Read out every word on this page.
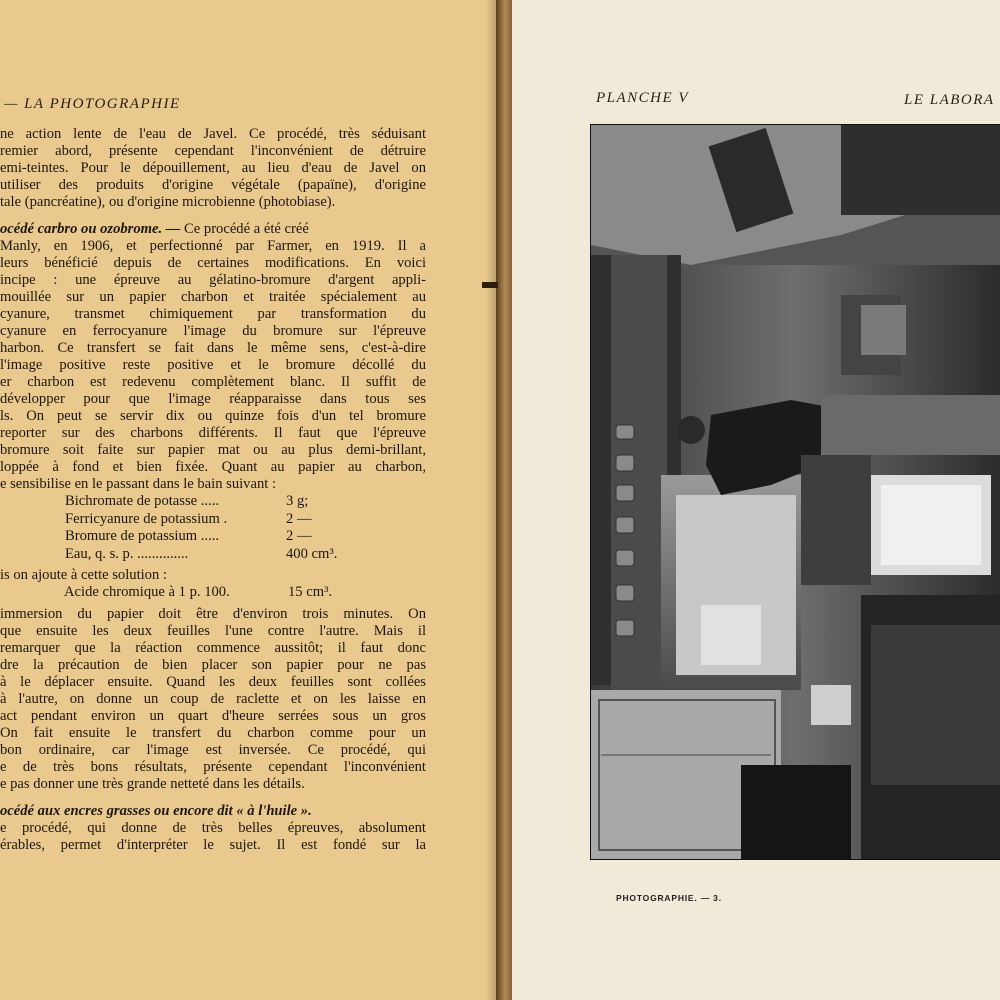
— LA PHOTOGRAPHIE
ne action lente de l'eau de Javel. Ce procédé, très séduisant
remier abord, présente cependant l'inconvénient de détruire
emi-teintes. Pour le dépouillement, au lieu d'eau de Javel on
utiliser des produits d'origine végétale (papaïne), d'origine
tale (pancréatine), ou d'origine microbienne (photobiase).
océdé carbro ou ozobrome. — Ce procédé a été créé
Manly, en 1906, et perfectionné par Farmer, en 1919. Il a
leurs bénéficié depuis de certaines modifications. En voici
incipe : une épreuve au gélatino-bromure d'argent appli-
mouillée sur un papier charbon et traitée spécialement au
cyanure, transmet chimiquement par transformation du
cyanure en ferrocyanure l'image du bromure sur l'épreuve
harbon. Ce transfert se fait dans le même sens, c'est-à-dire
l'image positive reste positive et le bromure décollé du
er charbon est redevenu complètement blanc. Il suffit de
développer pour que l'image réapparaisse dans tous ses
ls. On peut se servir dix ou quinze fois d'un tel bromure
reporter sur des charbons différents. Il faut que l'épreuve
bromure soit faite sur papier mat ou au plus demi-brillant,
loppée à fond et bien fixée. Quant au papier au charbon,
e sensibilise en le passant dans le bain suivant :
Bichromate de potasse .....	3 g;
Ferricyanure de potassium .	2 —
Bromure de potassium .....	2 —
Eau, q. s. p. ..............	400 cm³.
is on ajoute à cette solution :
Acide chromique à 1 p. 100.	15 cm³.
immersion du papier doit être d'environ trois minutes. On
que ensuite les deux feuilles l'une contre l'autre. Mais il
remarquer que la réaction commence aussitôt; il faut donc
dre la précaution de bien placer son papier pour ne pas
à le déplacer ensuite. Quand les deux feuilles sont collées
à l'autre, on donne un coup de raclette et on les laisse en
act pendant environ un quart d'heure serrées sous un gros
On fait ensuite le transfert du charbon comme pour un
bon ordinaire, car l'image est inversée. Ce procédé, qui
e de très bons résultats, présente cependant l'inconvénient
e pas donner une très grande netteté dans les détails.
océdé aux encres grasses ou encore dit « à l'huile ».
e procédé, qui donne de très belles épreuves, absolument
érables, permet d'interpréter le sujet. Il est fondé sur la
PLANCHE V	LE LABORA
PHOTOGRAPHIE. — 3.
